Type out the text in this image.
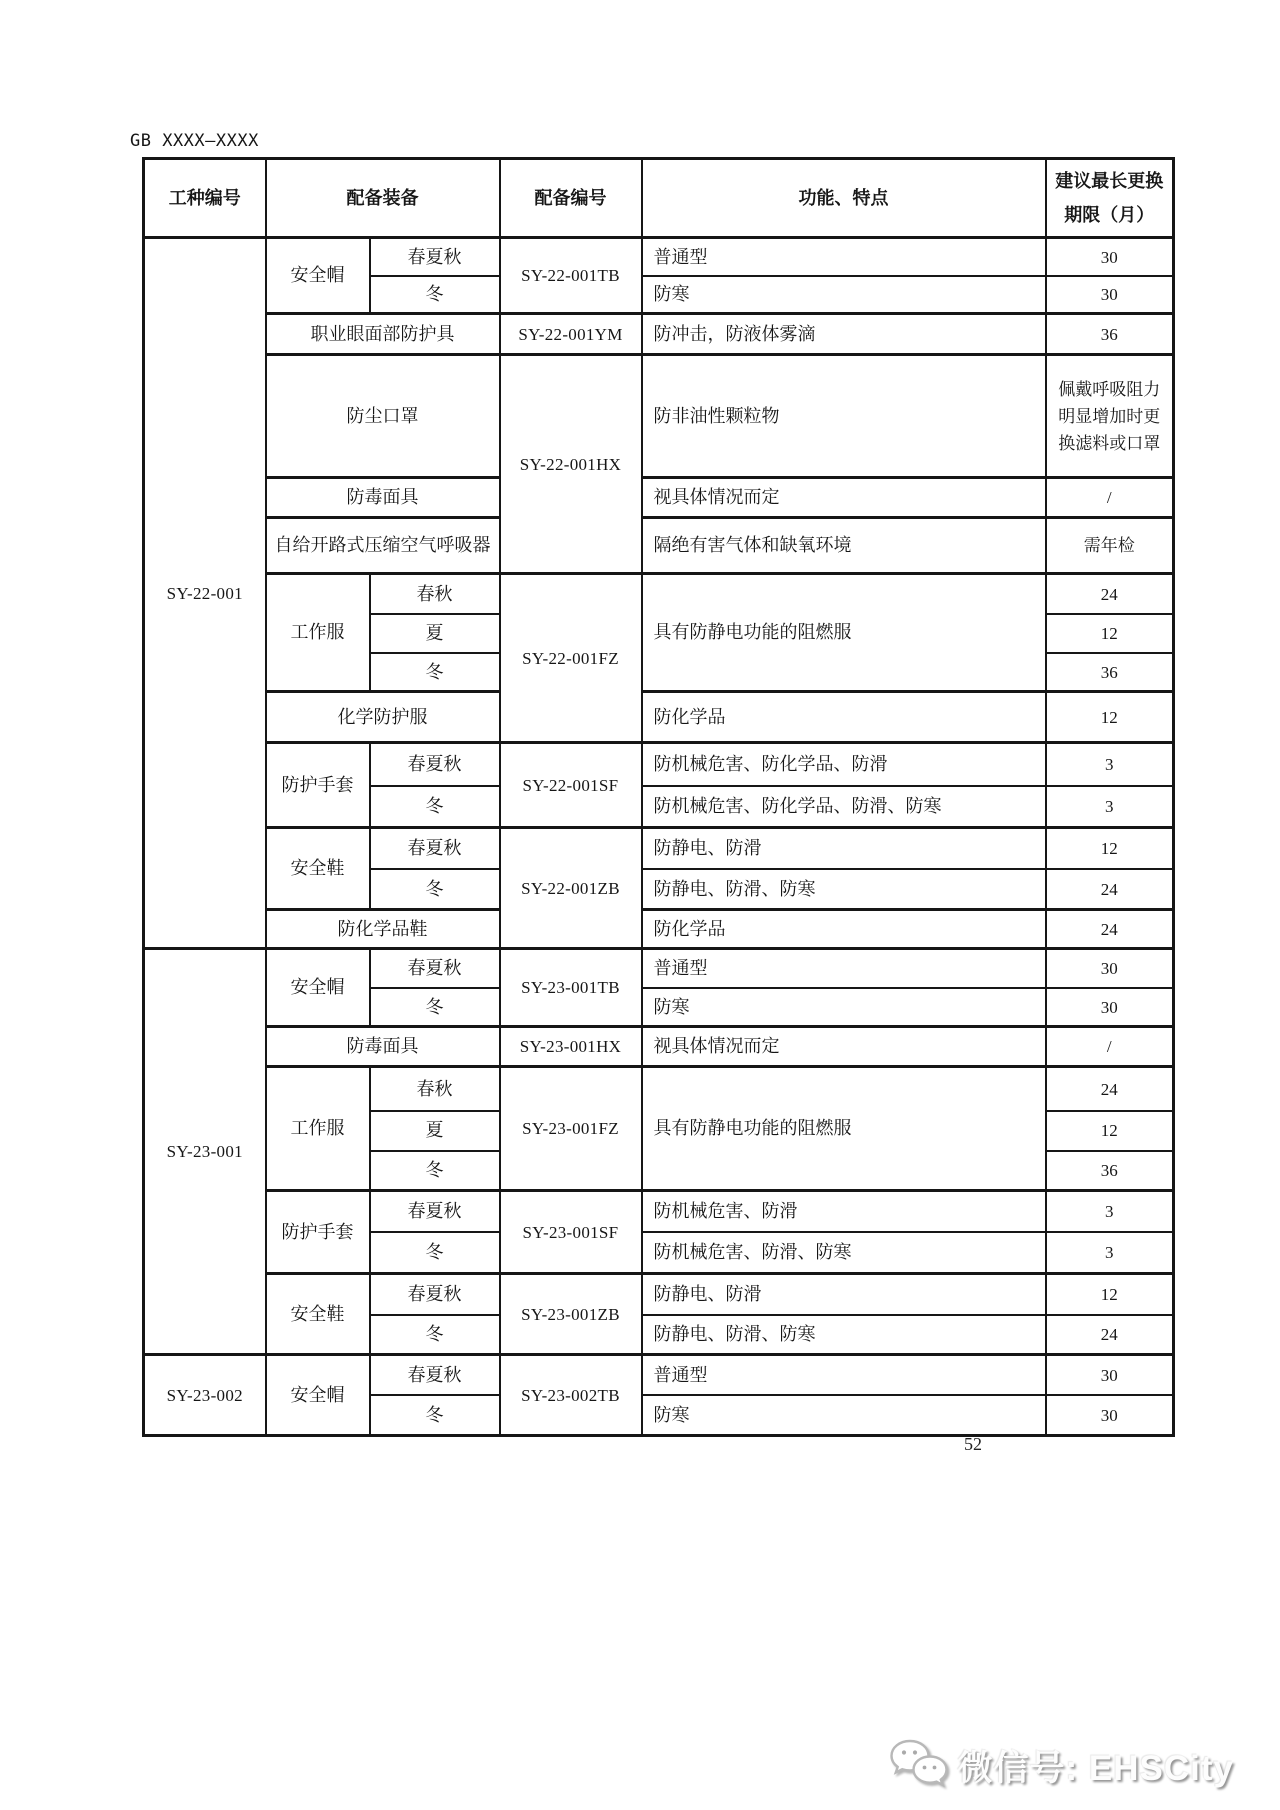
GB XXXX—XXXX
工种编号	配备装备		配备编号	功能、特点	建议最长更换期限（月）
SY-22-001	安全帽	春夏秋	SY-22-001TB	普通型	30
		冬		防寒	30
	职业眼面部防护具		SY-22-001YM	防冲击，防液体雾滴	36
	防尘口罩		SY-22-001HX	防非油性颗粒物	佩戴呼吸阻力明显增加时更换滤料或口罩
	防毒面具			视具体情况而定	/
	自给开路式压缩空气呼吸器			隔绝有害气体和缺氧环境	需年检
	工作服	春秋	SY-22-001FZ	具有防静电功能的阻燃服	24
		夏			12
		冬			36
	化学防护服			防化学品	12
	防护手套	春夏秋	SY-22-001SF	防机械危害、防化学品、防滑	3
		冬		防机械危害、防化学品、防滑、防寒	3
	安全鞋	春夏秋	SY-22-001ZB	防静电、防滑	12
		冬		防静电、防滑、防寒	24
	防化学品鞋			防化学品	24
SY-23-001	安全帽	春夏秋	SY-23-001TB	普通型	30
		冬		防寒	30
	防毒面具		SY-23-001HX	视具体情况而定	/
	工作服	春秋	SY-23-001FZ	具有防静电功能的阻燃服	24
		夏			12
		冬			36
	防护手套	春夏秋	SY-23-001SF	防机械危害、防滑	3
		冬		防机械危害、防滑、防寒	3
	安全鞋	春夏秋	SY-23-001ZB	防静电、防滑	12
		冬		防静电、防滑、防寒	24
SY-23-002	安全帽	春夏秋	SY-23-002TB	普通型	30
		冬		防寒	30
52
微信号: EHSCity
